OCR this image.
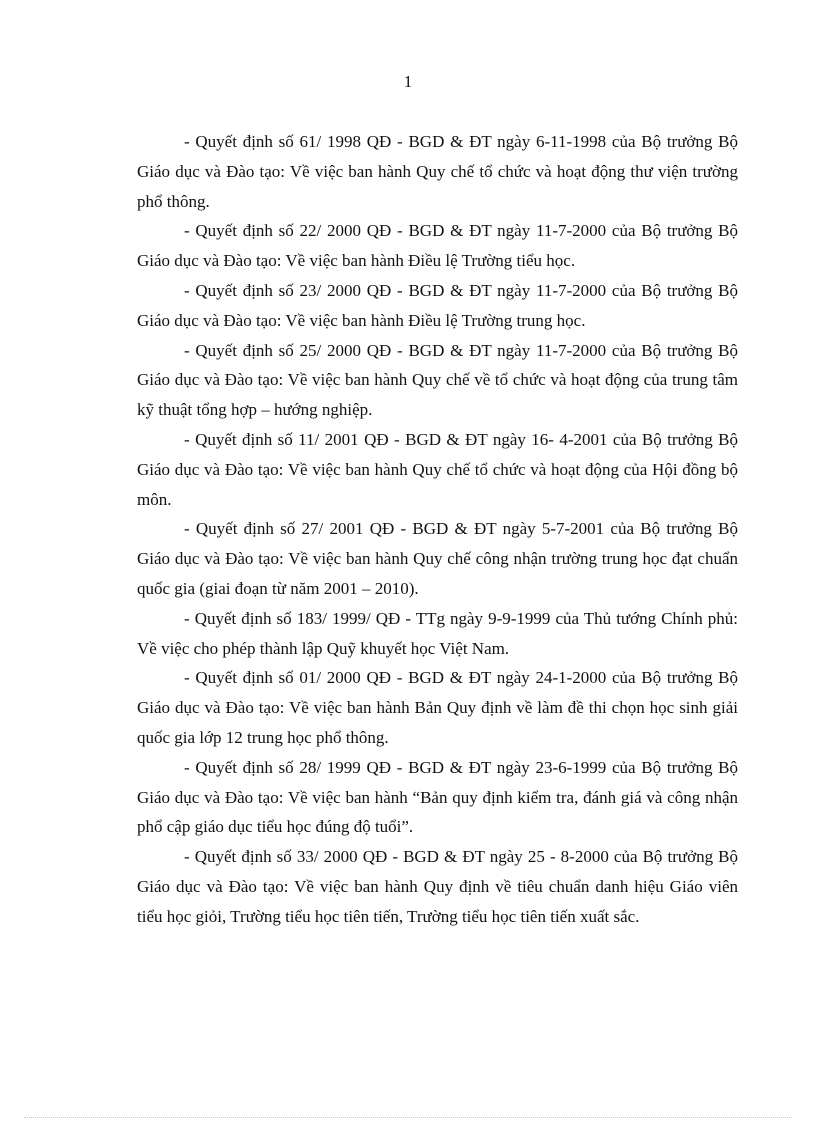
1

- Quyết định số 61/ 1998 QĐ - BGD & ĐT ngày 6-11-1998 của Bộ trưởng Bộ Giáo dục và Đào tạo: Về việc ban hành Quy chế tổ chức và hoạt động thư viện trường phổ thông.

- Quyết định số 22/ 2000 QĐ - BGD & ĐT ngày 11-7-2000 của Bộ trưởng Bộ Giáo dục và Đào tạo: Về việc ban hành Điều lệ Trường tiểu học.

- Quyết định số 23/ 2000 QĐ - BGD & ĐT ngày 11-7-2000 của Bộ trưởng Bộ Giáo dục và Đào tạo: Về việc ban hành Điều lệ Trường trung học.

- Quyết định số 25/ 2000 QĐ - BGD & ĐT ngày 11-7-2000 của Bộ trưởng Bộ Giáo dục và Đào tạo: Về việc ban hành Quy chế về tổ chức và hoạt động của trung tâm kỹ thuật tổng hợp – hướng nghiệp.

- Quyết định số 11/ 2001 QĐ - BGD & ĐT ngày 16- 4-2001 của Bộ trưởng Bộ Giáo dục và Đào tạo: Về việc ban hành Quy chế tổ chức và hoạt động của Hội đồng bộ môn.

- Quyết định số 27/ 2001 QĐ - BGD & ĐT ngày 5-7-2001 của Bộ trưởng Bộ Giáo dục và Đào tạo: Về việc ban hành Quy chế công nhận trường trung học đạt chuẩn quốc gia (giai đoạn từ năm 2001 – 2010).

- Quyết định số 183/ 1999/ QĐ - TTg ngày 9-9-1999 của Thủ tướng Chính phủ: Về việc cho phép thành lập Quỹ khuyết học Việt Nam.

- Quyết định số 01/ 2000 QĐ - BGD & ĐT ngày 24-1-2000 của Bộ trưởng Bộ Giáo dục và Đào tạo: Về việc ban hành Bản Quy định về làm đề thi chọn học sinh giải quốc gia lớp 12 trung học phổ thông.

- Quyết định số 28/ 1999 QĐ - BGD & ĐT ngày 23-6-1999 của Bộ trưởng Bộ Giáo dục và Đào tạo: Về việc ban hành “Bản quy định kiểm tra, đánh giá và công nhận phổ cập giáo dục tiểu học đúng độ tuổi”.

- Quyết định số 33/ 2000 QĐ - BGD & ĐT ngày 25 - 8-2000 của Bộ trưởng Bộ Giáo dục và Đào tạo: Về việc ban hành Quy định về tiêu chuẩn danh hiệu Giáo viên tiểu học giỏi, Trường tiểu học tiên tiến, Trường tiểu học tiên tiến xuất sắc.
